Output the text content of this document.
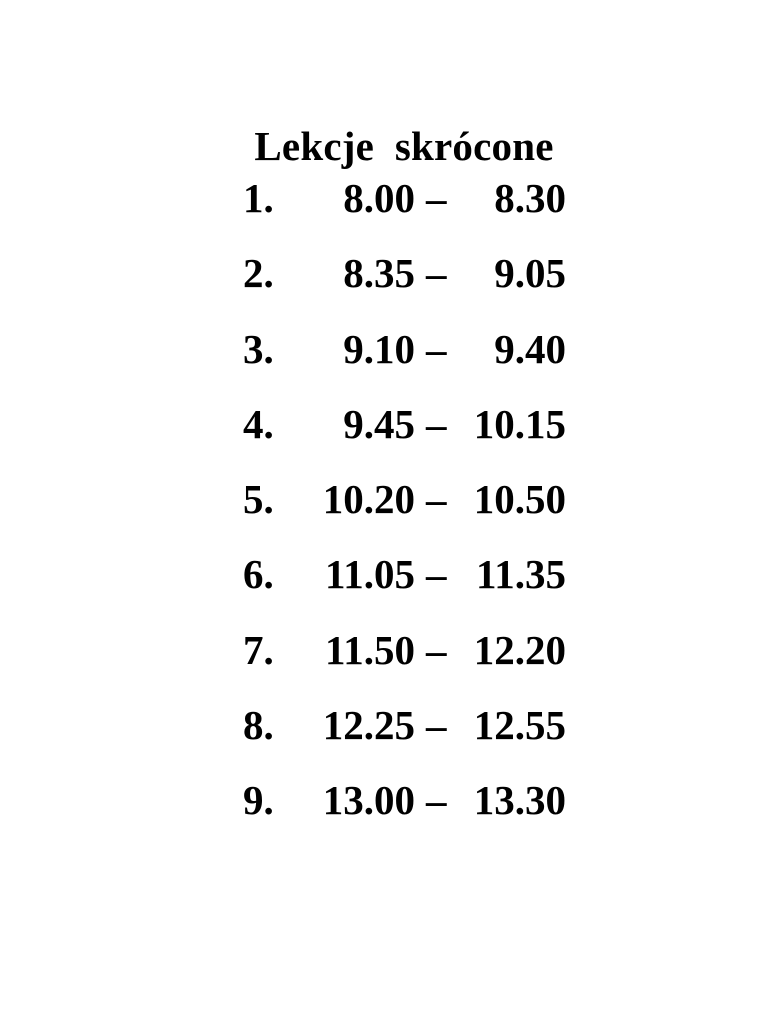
Lekcje  skrócone
1. 8.00 – 8.30
2. 8.35 – 9.05
3. 9.10 – 9.40
4. 9.45 – 10.15
5. 10.20 – 10.50
6. 11.05 – 11.35
7. 11.50 – 12.20
8. 12.25 – 12.55
9. 13.00 – 13.30
